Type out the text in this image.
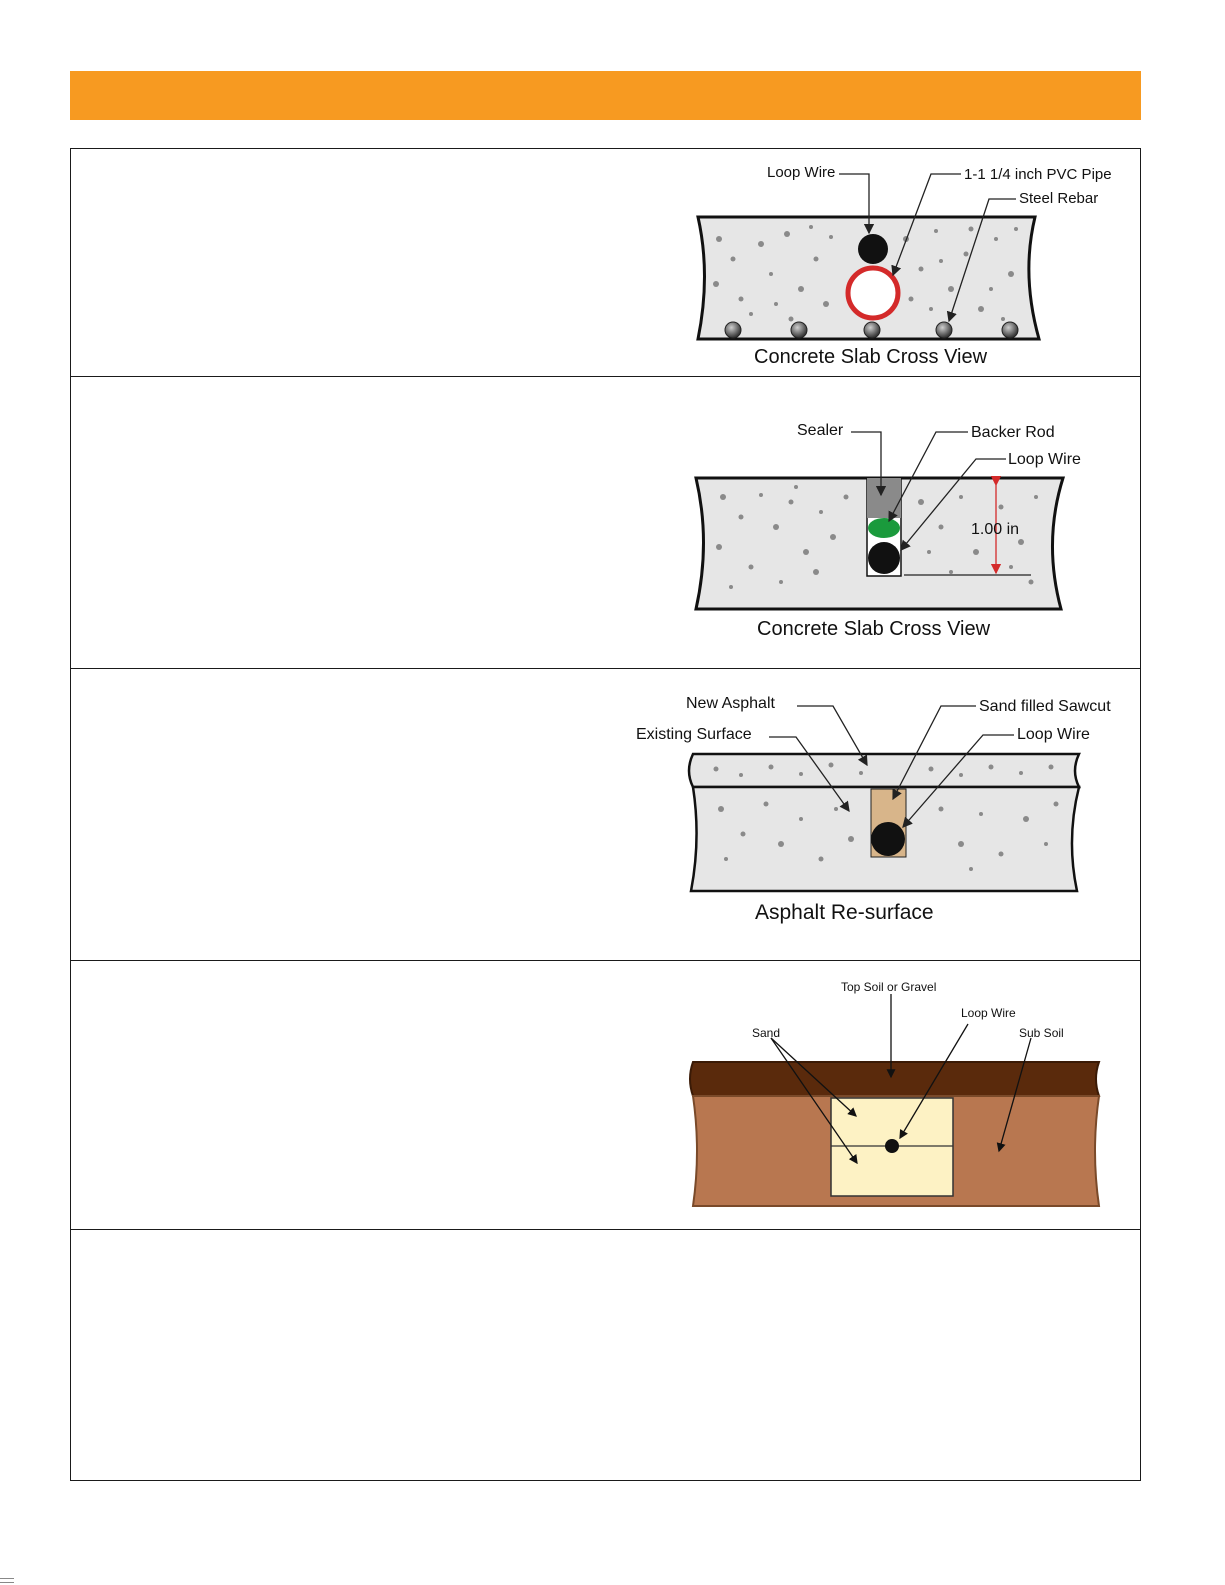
Loop Wire	1-1 1/4 inch PVC Pipe
Steel Rebar
Concrete Slab Cross View
Sealer	Backer Rod
Loop Wire
1.00 in
Concrete Slab Cross View
New Asphalt
Existing Surface
Sand filled Sawcut
Loop Wire
Asphalt Re-surface
Top Soil or Gravel
Loop Wire
Sand	Sub Soil
